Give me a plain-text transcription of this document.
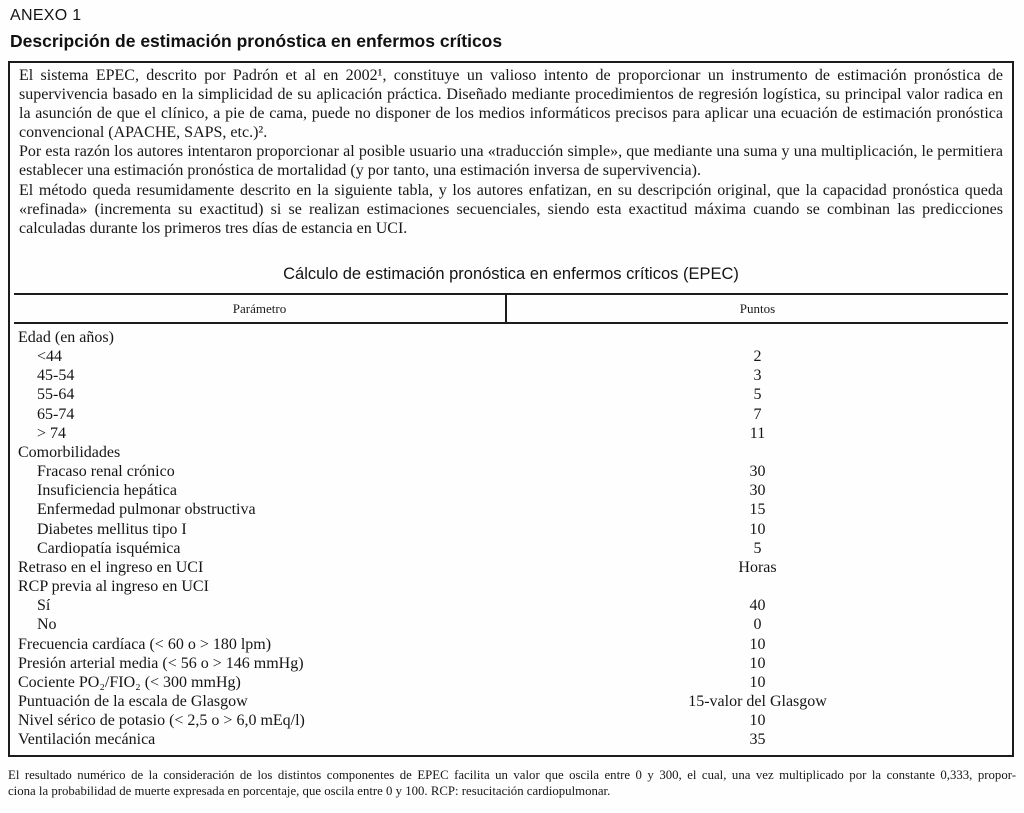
ANEXO 1
Descripción de estimación pronóstica en enfermos críticos

El sistema EPEC, descrito por Padrón et al en 2002¹, constituye un valioso intento de proporcionar un instrumento de estimación pronóstica de supervivencia basado en la simplicidad de su aplicación práctica. Diseñado mediante procedimientos de regresión logística, su principal valor radica en la asunción de que el clínico, a pie de cama, puede no disponer de los medios informáticos precisos para aplicar una ecuación de estimación pronóstica convencional (APACHE, SAPS, etc.)².

Por esta razón los autores intentaron proporcionar al posible usuario una «traducción simple», que mediante una suma y una multiplicación, le permitiera establecer una estimación pronóstica de mortalidad (y por tanto, una estimación inversa de supervivencia).

El método queda resumidamente descrito en la siguiente tabla, y los autores enfatizan, en su descripción original, que la capacidad pronóstica queda «refinada» (incrementa su exactitud) si se realizan estimaciones secuenciales, siendo esta exactitud máxima cuando se combinan las predicciones calculadas durante los primeros tres días de estancia en UCI.

Cálculo de estimación pronóstica en enfermos críticos (EPEC)
Parámetro	Puntos
Edad (en años)
<44	2
45-54	3
55-64	5
65-74	7
> 74	11
Comorbilidades
Fracaso renal crónico	30
Insuficiencia hepática	30
Enfermedad pulmonar obstructiva	15
Diabetes mellitus tipo I	10
Cardiopatía isquémica	5
Retraso en el ingreso en UCI	Horas
RCP previa al ingreso en UCI
Sí	40
No	0
Frecuencia cardíaca (< 60 o > 180 lpm)	10
Presión arterial media (< 56 o > 146 mmHg)	10
Cociente PO₂/FIO₂ (< 300 mmHg)	10
Puntuación de la escala de Glasgow	15-valor del Glasgow
Nivel sérico de potasio (< 2,5 o > 6,0 mEq/l)	10
Ventilación mecánica	35
El resultado numérico de la consideración de los distintos componentes de EPEC facilita un valor que oscila entre 0 y 300, el cual, una vez multiplicado por la constante 0,333, propor-
ciona la probabilidad de muerte expresada en porcentaje, que oscila entre 0 y 100. RCP: resucitación cardiopulmonar.
